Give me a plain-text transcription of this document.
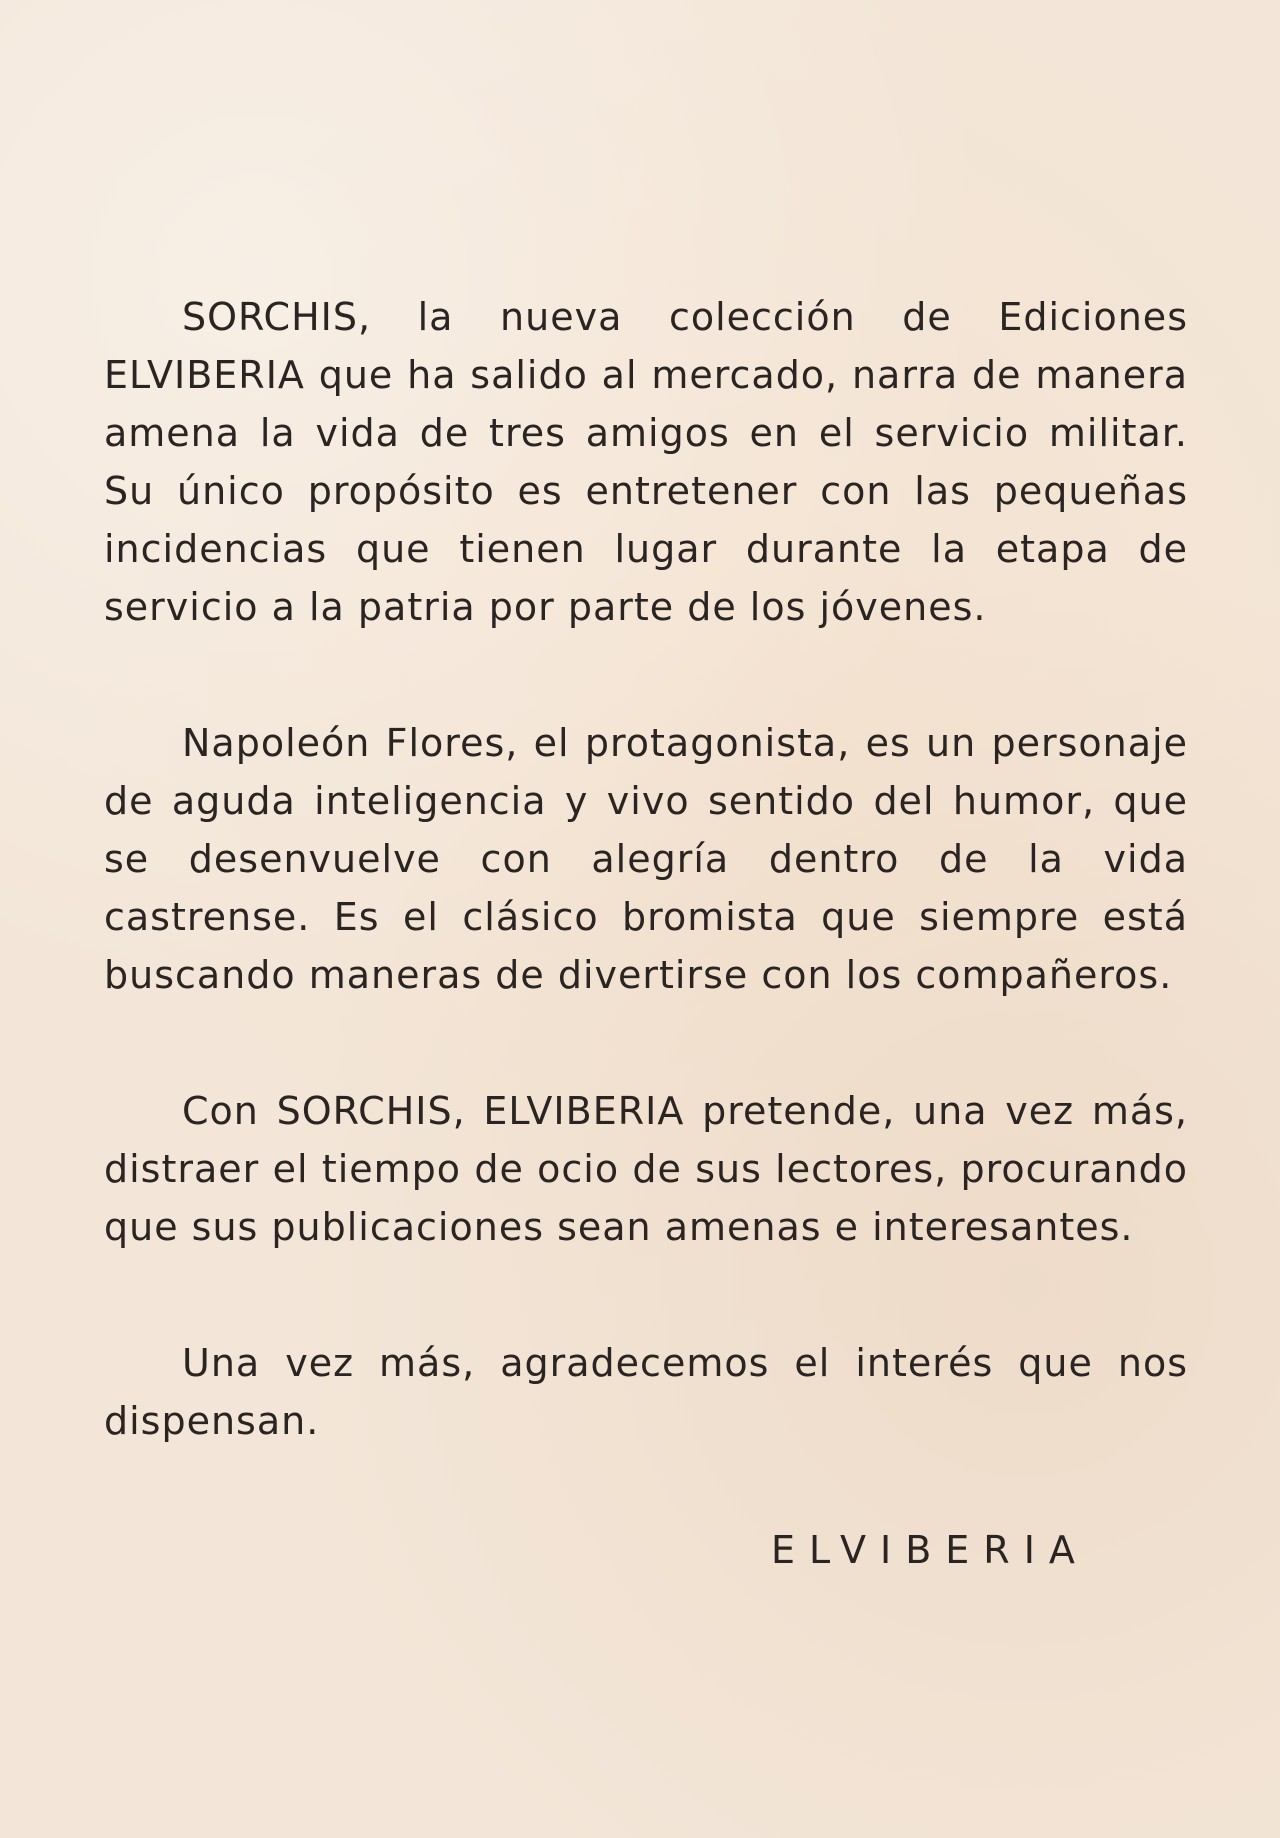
SORCHIS, la nueva colección de Ediciones ELVIBERIA que ha salido al mercado, narra de manera amena la vida de tres amigos en el servicio militar. Su único propósito es entretener con las pequeñas incidencias que tienen lugar durante la etapa de servicio a la patria por parte de los jóvenes.

Napoleón Flores, el protagonista, es un personaje de aguda inteligencia y vivo sentido del humor, que se desenvuelve con alegría dentro de la vida castrense. Es el clásico bromista que siempre está buscando maneras de divertirse con los compañeros.

Con SORCHIS, ELVIBERIA pretende, una vez más, distraer el tiempo de ocio de sus lectores, procurando que sus publicaciones sean amenas e interesantes.

Una vez más, agradecemos el interés que nos dispensan.

ELVIBERIA
